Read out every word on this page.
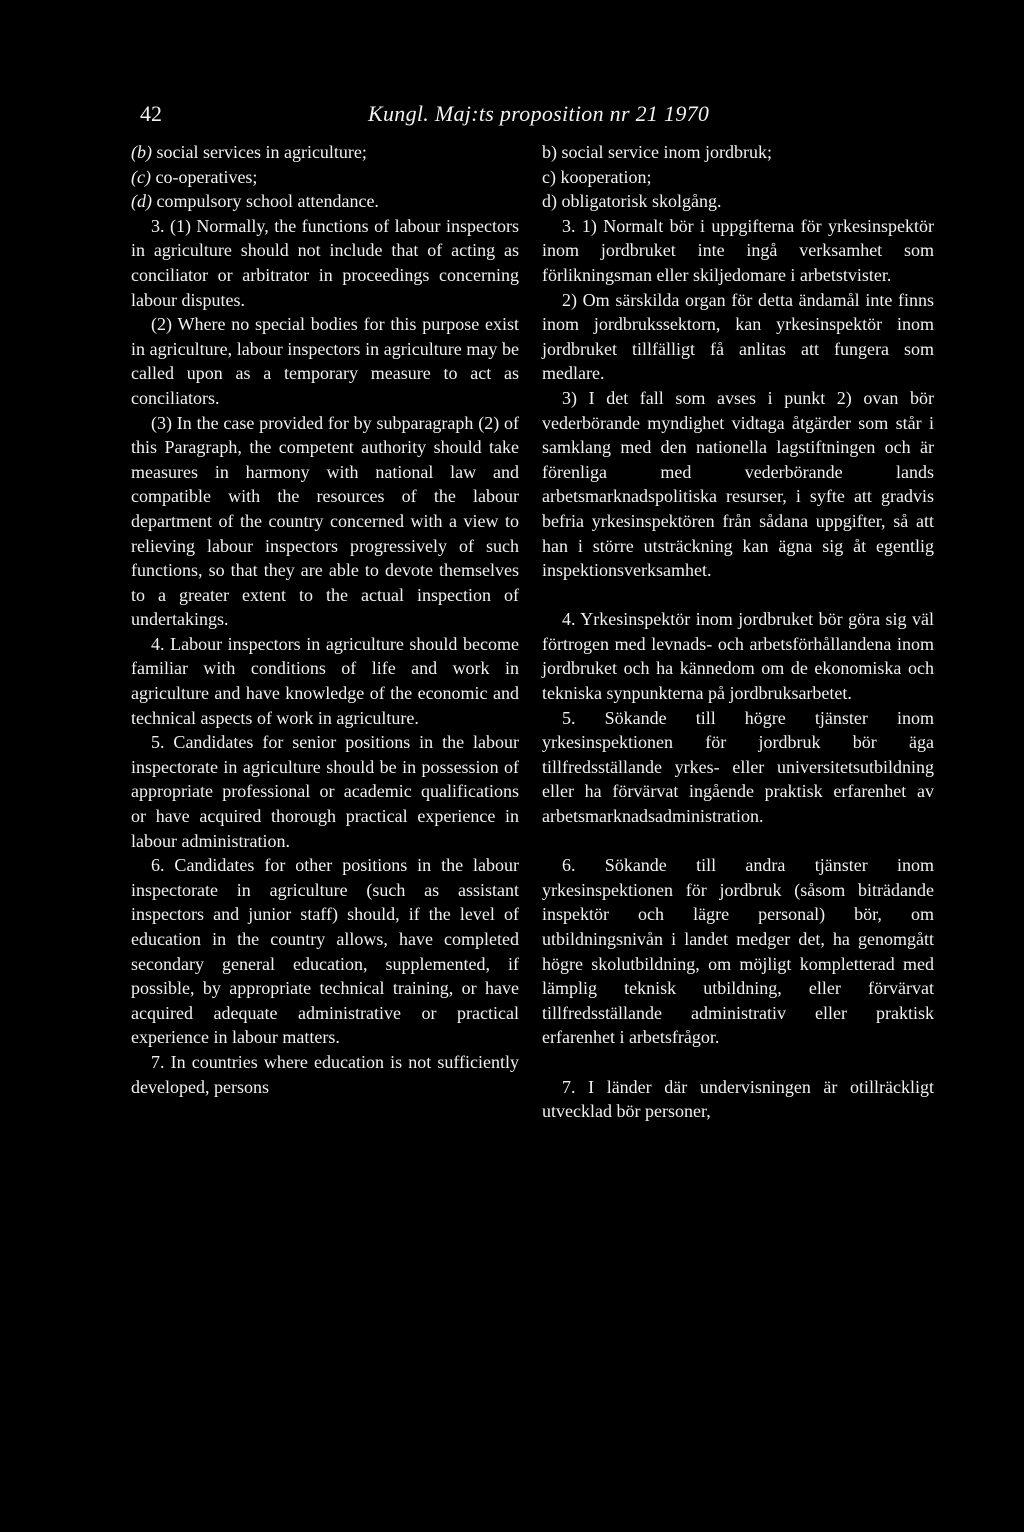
42	Kungl. Maj:ts proposition nr 21 1970

(b) social services in agriculture;

(c) co-operatives;

(d) compulsory school attendance.

3. (1) Normally, the functions of labour inspectors in agriculture should not include that of acting as conciliator or arbitrator in proceedings concerning labour disputes.

(2) Where no special bodies for this purpose exist in agriculture, labour inspectors in agriculture may be called upon as a temporary measure to act as conciliators.

(3) In the case provided for by subparagraph (2) of this Paragraph, the competent authority should take measures in harmony with national law and compatible with the resources of the labour department of the country concerned with a view to relieving labour inspectors progressively of such functions, so that they are able to devote themselves to a greater extent to the actual inspection of undertakings.

4. Labour inspectors in agriculture should become familiar with conditions of life and work in agriculture and have knowledge of the economic and technical aspects of work in agriculture.

5. Candidates for senior positions in the labour inspectorate in agriculture should be in possession of appropriate professional or academic qualifications or have acquired thorough practical experience in labour administration.

6. Candidates for other positions in the labour inspectorate in agriculture (such as assistant inspectors and junior staff) should, if the level of education in the country allows, have completed secondary general education, supplemented, if possible, by appropriate technical training, or have acquired adequate administrative or practical experience in labour matters.

7. In countries where education is not sufficiently developed, persons

b) social service inom jordbruk;

c) kooperation;

d) obligatorisk skolgång.

3. 1) Normalt bör i uppgifterna för yrkesinspektör inom jordbruket inte ingå verksamhet som förlikningsman eller skiljedomare i arbetstvister.

2) Om särskilda organ för detta ändamål inte finns inom jordbrukssektorn, kan yrkesinspektör inom jordbruket tillfälligt få anlitas att fungera som medlare.

3) I det fall som avses i punkt 2) ovan bör vederbörande myndighet vidtaga åtgärder som står i samklang med den nationella lagstiftningen och är förenliga med vederbörande lands arbetsmarknadspolitiska resurser, i syfte att gradvis befria yrkesinspektören från sådana uppgifter, så att han i större utsträckning kan ägna sig åt egentlig inspektionsverksamhet.

4. Yrkesinspektör inom jordbruket bör göra sig väl förtrogen med levnads- och arbetsförhållandena inom jordbruket och ha kännedom om de ekonomiska och tekniska synpunkterna på jordbruksarbetet.

5. Sökande till högre tjänster inom yrkesinspektionen för jordbruk bör äga tillfredsställande yrkes- eller universitetsutbildning eller ha förvärvat ingående praktisk erfarenhet av arbetsmarknadsadministration.

6. Sökande till andra tjänster inom yrkesinspektionen för jordbruk (såsom biträdande inspektör och lägre personal) bör, om utbildningsnivån i landet medger det, ha genomgått högre skolutbildning, om möjligt kompletterad med lämplig teknisk utbildning, eller förvärvat tillfredsställande administrativ eller praktisk erfarenhet i arbetsfrågor.

7. I länder där undervisningen är otillräckligt utvecklad bör personer,
